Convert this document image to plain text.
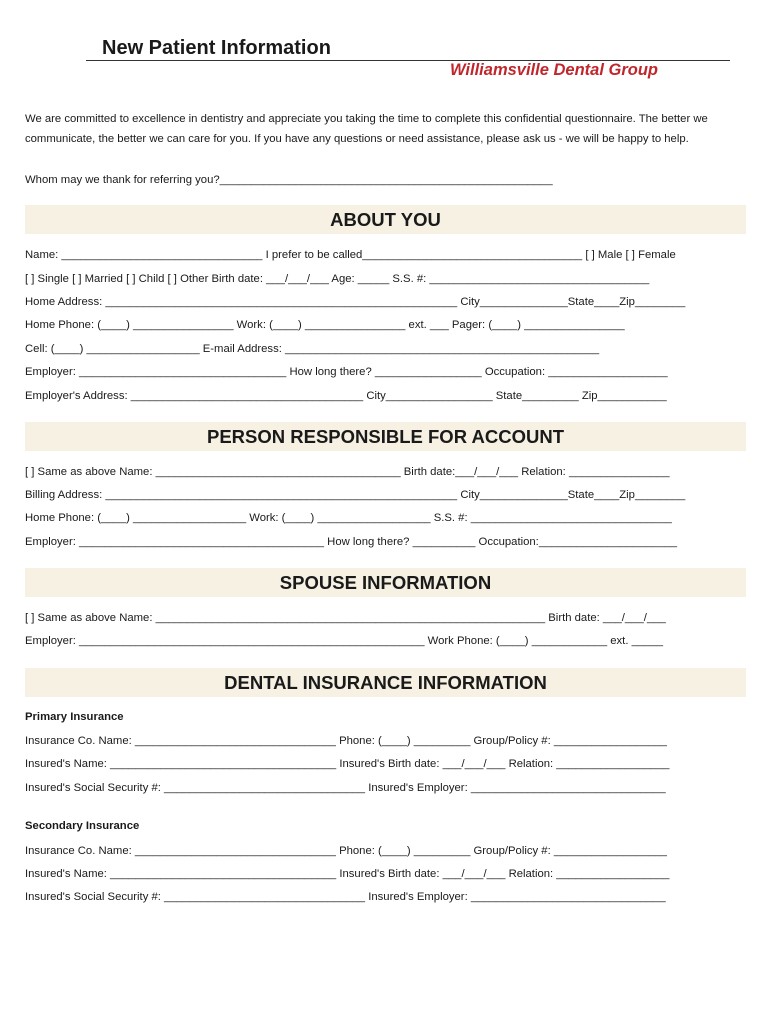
New Patient Information
Williamsville Dental Group

We are committed to excellence in dentistry and appreciate you taking the time to complete this confidential questionnaire. The better we communicate, the better we can care for you. If you have any questions or need assistance, please ask us - we will be happy to help.

Whom may we thank for referring you?_____________________________________________________
ABOUT YOU
Name: ________________________________ I prefer to be called___________________________________ [ ] Male [ ] Female
[ ] Single [ ] Married [ ] Child [ ] Other Birth date: ___/___/___ Age: _____ S.S. #: ___________________________________
Home Address: ________________________________________________________ City______________State____Zip________
Home Phone: (____) ________________ Work: (____) ________________ ext. ___ Pager: (____) ________________
Cell: (____) __________________ E-mail Address: __________________________________________________
Employer: _________________________________ How long there? _________________ Occupation: ___________________
Employer's Address: _____________________________________ City_________________ State_________ Zip___________
PERSON RESPONSIBLE FOR ACCOUNT
[ ] Same as above Name: _______________________________________ Birth date:___/___/___ Relation: ________________
Billing Address: ________________________________________________________ City______________State____Zip________
Home Phone: (____) __________________ Work: (____) __________________ S.S. #: ________________________________
Employer: _______________________________________ How long there? __________ Occupation:______________________
SPOUSE INFORMATION
[ ] Same as above Name: ______________________________________________________________ Birth date: ___/___/___
Employer: _______________________________________________________ Work Phone: (____) ____________ ext. _____
DENTAL INSURANCE INFORMATION
Primary Insurance
Insurance Co. Name: ________________________________ Phone: (____) _________ Group/Policy #: __________________
Insured's Name: ____________________________________ Insured's Birth date: ___/___/___ Relation: __________________
Insured's Social Security #: ________________________________ Insured's Employer: _______________________________
Secondary Insurance
Insurance Co. Name: ________________________________ Phone: (____) _________ Group/Policy #: __________________
Insured's Name: ____________________________________ Insured's Birth date: ___/___/___ Relation: __________________
Insured's Social Security #: ________________________________ Insured's Employer: _______________________________
